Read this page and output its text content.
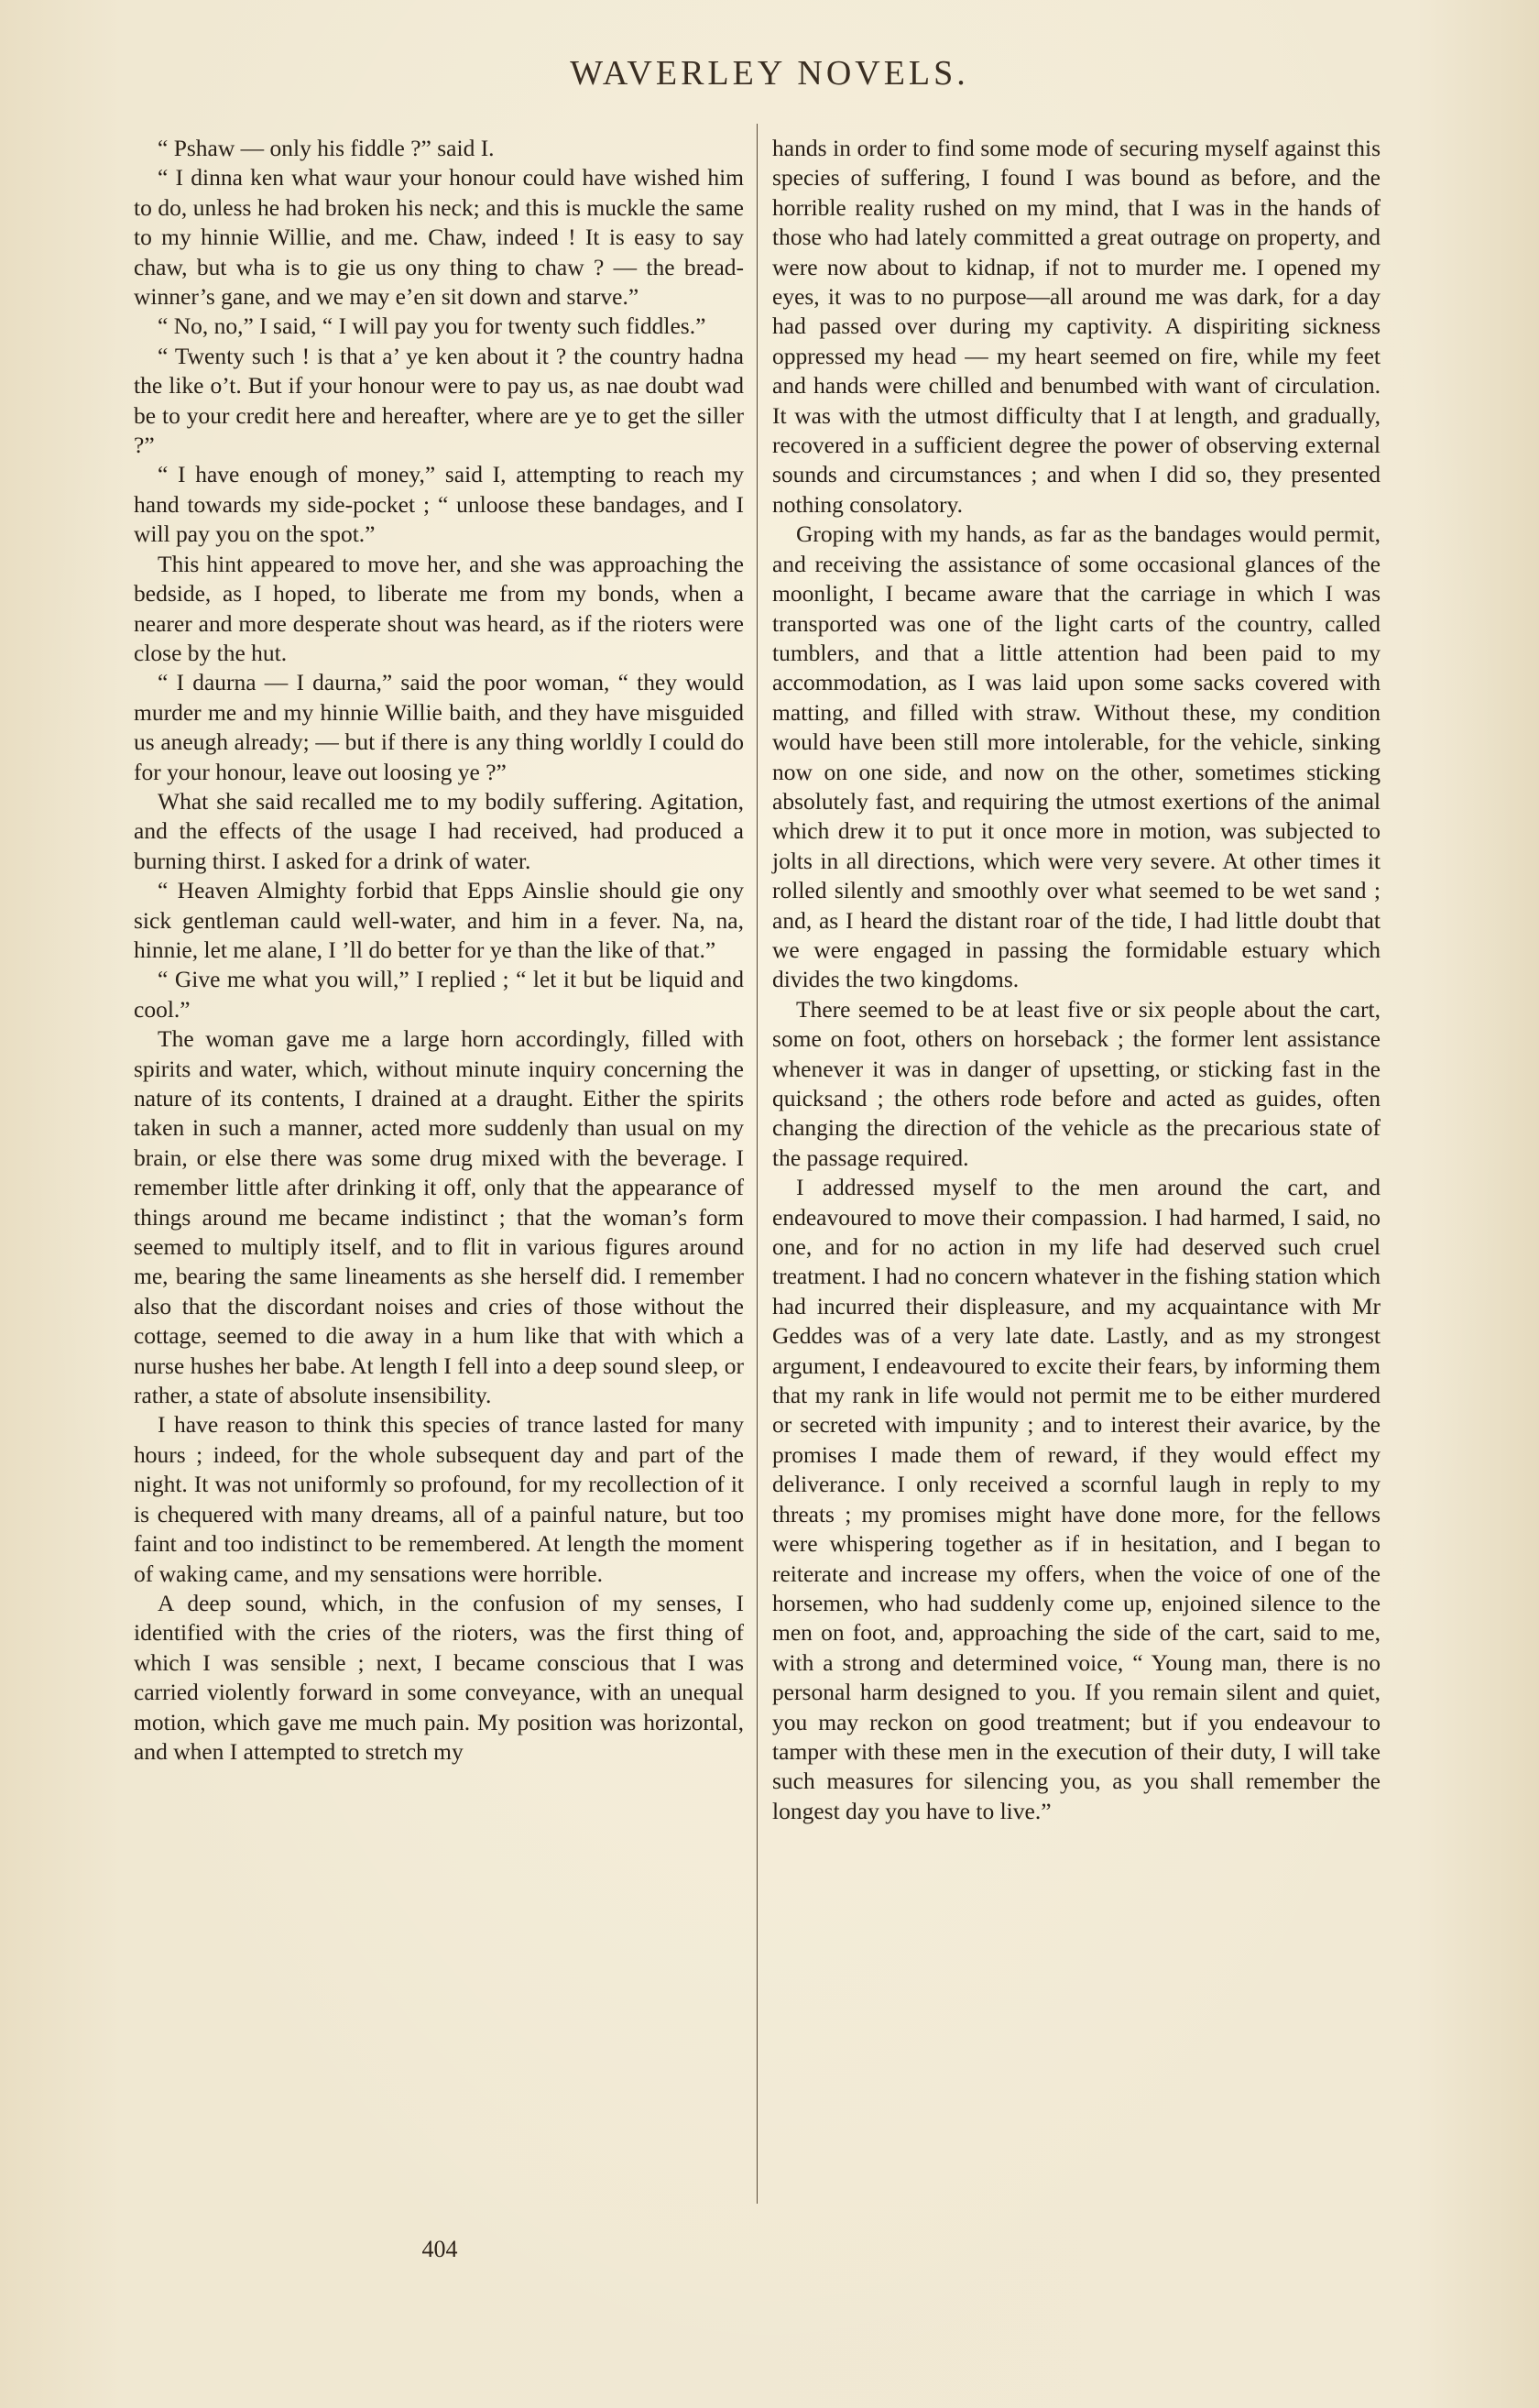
WAVERLEY NOVELS.

“ Pshaw — only his fiddle ?” said I.

“ I dinna ken what waur your honour could have wished him to do, unless he had broken his neck; and this is muckle the same to my hinnie Willie, and me. Chaw, indeed ! It is easy to say chaw, but wha is to gie us ony thing to chaw ? — the bread-winner’s gane, and we may e’en sit down and starve.”

“ No, no,” I said, “ I will pay you for twenty such fiddles.”

“ Twenty such ! is that a’ ye ken about it ? the country hadna the like o’t. But if your honour were to pay us, as nae doubt wad be to your credit here and hereafter, where are ye to get the siller ?”

“ I have enough of money,” said I, attempting to reach my hand towards my side-pocket ; “ unloose these bandages, and I will pay you on the spot.”

This hint appeared to move her, and she was approaching the bedside, as I hoped, to liberate me from my bonds, when a nearer and more desperate shout was heard, as if the rioters were close by the hut.

“ I daurna — I daurna,” said the poor woman, “ they would murder me and my hinnie Willie baith, and they have misguided us aneugh already; — but if there is any thing worldly I could do for your honour, leave out loosing ye ?”

What she said recalled me to my bodily suffering. Agitation, and the effects of the usage I had received, had produced a burning thirst. I asked for a drink of water.

“ Heaven Almighty forbid that Epps Ainslie should gie ony sick gentleman cauld well-water, and him in a fever. Na, na, hinnie, let me alane, I ’ll do better for ye than the like of that.”

“ Give me what you will,” I replied ; “ let it but be liquid and cool.”

The woman gave me a large horn accordingly, filled with spirits and water, which, without minute inquiry concerning the nature of its contents, I drained at a draught. Either the spirits taken in such a manner, acted more suddenly than usual on my brain, or else there was some drug mixed with the beverage. I remember little after drinking it off, only that the appearance of things around me became indistinct ; that the woman’s form seemed to multiply itself, and to flit in various figures around me, bearing the same lineaments as she herself did. I remember also that the discordant noises and cries of those without the cottage, seemed to die away in a hum like that with which a nurse hushes her babe. At length I fell into a deep sound sleep, or rather, a state of absolute insensibility.

I have reason to think this species of trance lasted for many hours ; indeed, for the whole subsequent day and part of the night. It was not uniformly so profound, for my recollection of it is chequered with many dreams, all of a painful nature, but too faint and too indistinct to be remembered. At length the moment of waking came, and my sensations were horrible.

A deep sound, which, in the confusion of my senses, I identified with the cries of the rioters, was the first thing of which I was sensible ; next, I became conscious that I was carried violently forward in some conveyance, with an unequal motion, which gave me much pain. My position was horizontal, and when I attempted to stretch my

hands in order to find some mode of securing myself against this species of suffering, I found I was bound as before, and the horrible reality rushed on my mind, that I was in the hands of those who had lately committed a great outrage on property, and were now about to kidnap, if not to murder me. I opened my eyes, it was to no purpose—all around me was dark, for a day had passed over during my captivity. A dispiriting sickness oppressed my head — my heart seemed on fire, while my feet and hands were chilled and benumbed with want of circulation. It was with the utmost difficulty that I at length, and gradually, recovered in a sufficient degree the power of observing external sounds and circumstances ; and when I did so, they presented nothing consolatory.

Groping with my hands, as far as the bandages would permit, and receiving the assistance of some occasional glances of the moonlight, I became aware that the carriage in which I was transported was one of the light carts of the country, called tumblers, and that a little attention had been paid to my accommodation, as I was laid upon some sacks covered with matting, and filled with straw. Without these, my condition would have been still more intolerable, for the vehicle, sinking now on one side, and now on the other, sometimes sticking absolutely fast, and requiring the utmost exertions of the animal which drew it to put it once more in motion, was subjected to jolts in all directions, which were very severe. At other times it rolled silently and smoothly over what seemed to be wet sand ; and, as I heard the distant roar of the tide, I had little doubt that we were engaged in passing the formidable estuary which divides the two kingdoms.

There seemed to be at least five or six people about the cart, some on foot, others on horseback ; the former lent assistance whenever it was in danger of upsetting, or sticking fast in the quicksand ; the others rode before and acted as guides, often changing the direction of the vehicle as the precarious state of the passage required.

I addressed myself to the men around the cart, and endeavoured to move their compassion. I had harmed, I said, no one, and for no action in my life had deserved such cruel treatment. I had no concern whatever in the fishing station which had incurred their displeasure, and my acquaintance with Mr Geddes was of a very late date. Lastly, and as my strongest argument, I endeavoured to excite their fears, by informing them that my rank in life would not permit me to be either murdered or secreted with impunity ; and to interest their avarice, by the promises I made them of reward, if they would effect my deliverance. I only received a scornful laugh in reply to my threats ; my promises might have done more, for the fellows were whispering together as if in hesitation, and I began to reiterate and increase my offers, when the voice of one of the horsemen, who had suddenly come up, enjoined silence to the men on foot, and, approaching the side of the cart, said to me, with a strong and determined voice, “ Young man, there is no personal harm designed to you. If you remain silent and quiet, you may reckon on good treatment; but if you endeavour to tamper with these men in the execution of their duty, I will take such measures for silencing you, as you shall remember the longest day you have to live.”

404
